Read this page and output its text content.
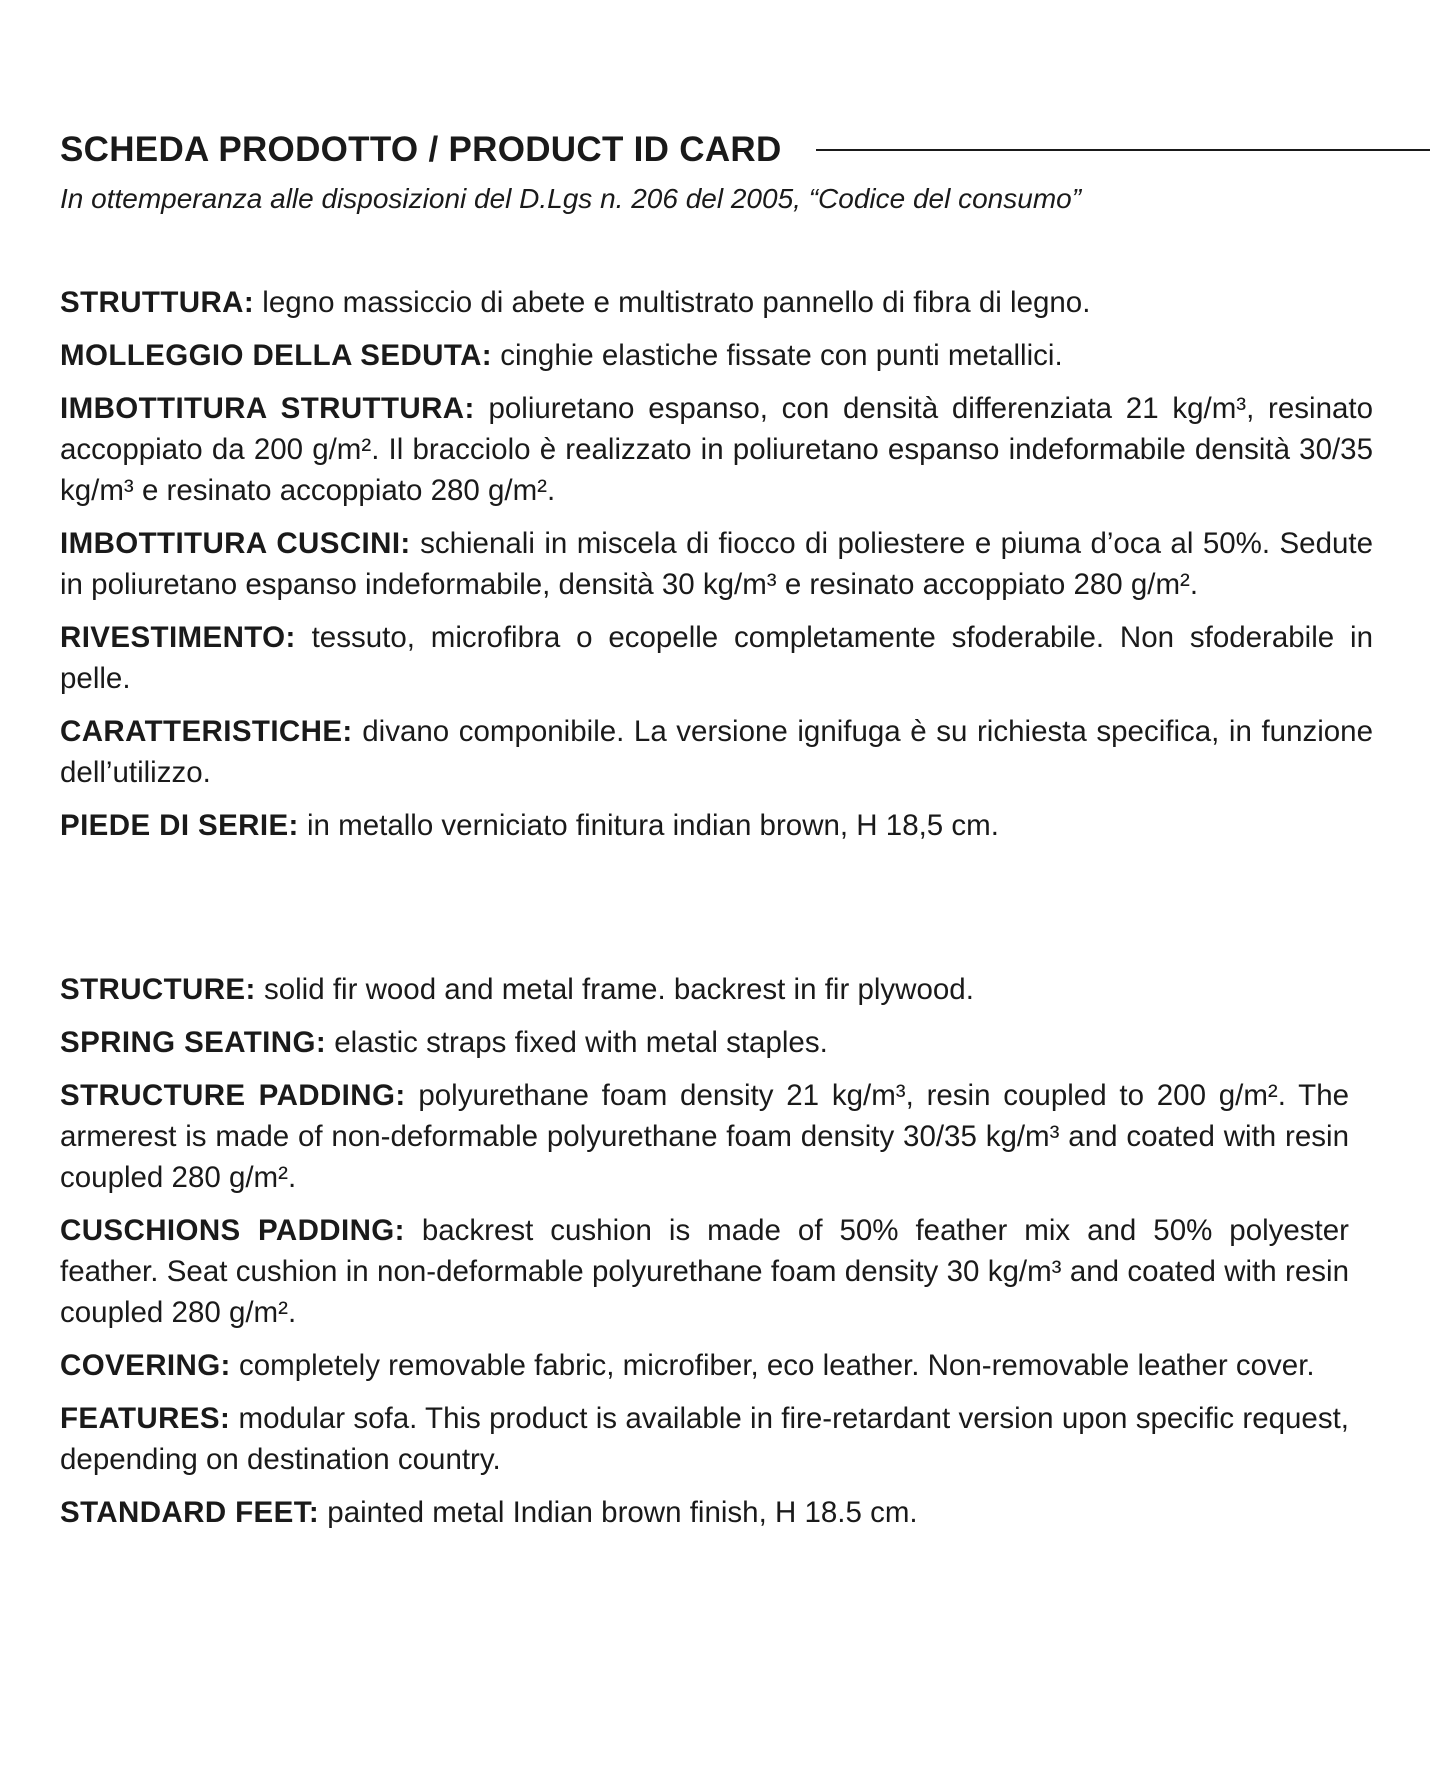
SCHEDA PRODOTTO / PRODUCT ID CARD
In ottemperanza alle disposizioni del D.Lgs n. 206 del 2005, “Codice del consumo”

STRUTTURA: legno massiccio di abete e multistrato pannello di fibra di legno.

MOLLEGGIO DELLA SEDUTA: cinghie elastiche fissate con punti metallici.

IMBOTTITURA STRUTTURA: poliuretano espanso, con densità differenziata 21 kg/m³, resinato accoppiato da 200 g/m². Il bracciolo è realizzato in poliuretano espanso indeformabile densità 30/35 kg/m³ e resinato accoppiato 280 g/m².

IMBOTTITURA CUSCINI: schienali in miscela di fiocco di poliestere e piuma d’oca al 50%. Sedute in poliuretano espanso indeformabile, densità 30 kg/m³ e resinato accoppiato 280 g/m².

RIVESTIMENTO: tessuto, microfibra o ecopelle completamente sfoderabile. Non sfoderabile in pelle.

CARATTERISTICHE: divano componibile. La versione ignifuga è su richiesta specifica, in funzione dell’utilizzo.

PIEDE DI SERIE: in metallo verniciato finitura indian brown, H 18,5 cm.

STRUCTURE: solid fir wood and metal frame. backrest in fir plywood.

SPRING SEATING: elastic straps fixed with metal staples.

STRUCTURE PADDING: polyurethane foam density 21 kg/m³, resin coupled to 200 g/m². The armerest is made of non-deformable polyurethane foam density 30/35 kg/m³ and coated with resin coupled 280 g/m².

CUSCHIONS PADDING: backrest cushion is made of 50% feather mix and 50% polyester feather. Seat cushion in non-deformable polyurethane foam density 30 kg/m³ and coated with resin coupled 280 g/m².

COVERING: completely removable fabric, microfiber, eco leather. Non-removable leather cover.

FEATURES: modular sofa. This product is available in fire-retardant version upon specific request, depending on destination country.

STANDARD FEET: painted metal Indian brown finish, H 18.5 cm.
